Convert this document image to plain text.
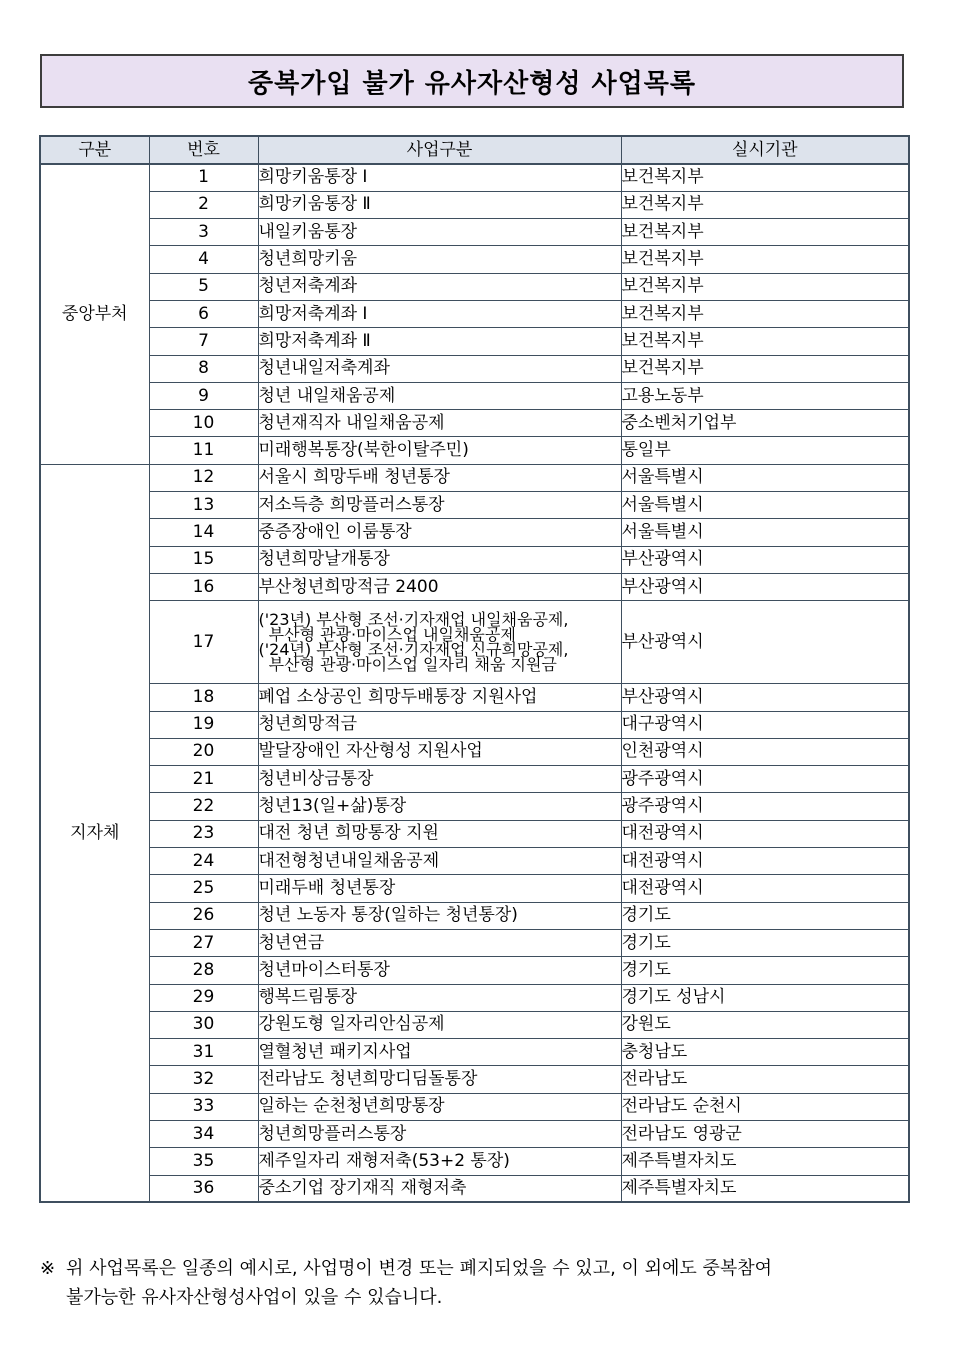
중복가입 불가 유사자산형성 사업목록
구분	번호	사업구분	실시기관
중앙부처	1	희망키움통장 Ⅰ	보건복지부
	2	희망키움통장 Ⅱ	보건복지부
	3	내일키움통장	보건복지부
	4	청년희망키움	보건복지부
	5	청년저축계좌	보건복지부
	6	희망저축계좌 Ⅰ	보건복지부
	7	희망저축계좌 Ⅱ	보건복지부
	8	청년내일저축계좌	보건복지부
	9	청년 내일채움공제	고용노동부
	10	청년재직자 내일채움공제	중소벤처기업부
	11	미래행복통장(북한이탈주민)	통일부
지자체	12	서울시 희망두배 청년통장	서울특별시
	13	저소득층 희망플러스통장	서울특별시
	14	중증장애인 이룸통장	서울특별시
	15	청년희망날개통장	부산광역시
	16	부산청년희망적금 2400	부산광역시
	17	('23년) 부산형 조선·기자재업 내일채움공제,
부산형 관광·마이스업 내일채움공제
('24년) 부산형 조선·기자재업 신규희망공제,
부산형 관광·마이스업 일자리 채움 지원금	부산광역시
	18	폐업 소상공인 희망두배통장 지원사업	부산광역시
	19	청년희망적금	대구광역시
	20	발달장애인 자산형성 지원사업	인천광역시
	21	청년비상금통장	광주광역시
	22	청년13(일+삶)통장	광주광역시
	23	대전 청년 희망통장 지원	대전광역시
	24	대전형청년내일채움공제	대전광역시
	25	미래두배 청년통장	대전광역시
	26	청년 노동자 통장(일하는 청년통장)	경기도
	27	청년연금	경기도
	28	청년마이스터통장	경기도
	29	행복드림통장	경기도 성남시
	30	강원도형 일자리안심공제	강원도
	31	열혈청년 패키지사업	충청남도
	32	전라남도 청년희망디딤돌통장	전라남도
	33	일하는 순천청년희망통장	전라남도 순천시
	34	청년희망플러스통장	전라남도 영광군
	35	제주일자리 재형저축(53+2 통장)	제주특별자치도
	36	중소기업 장기재직 재형저축	제주특별자치도
※ 위 사업목록은 일종의 예시로, 사업명이 변경 또는 폐지되었을 수 있고, 이 외에도 중복참여
불가능한 유사자산형성사업이 있을 수 있습니다.
